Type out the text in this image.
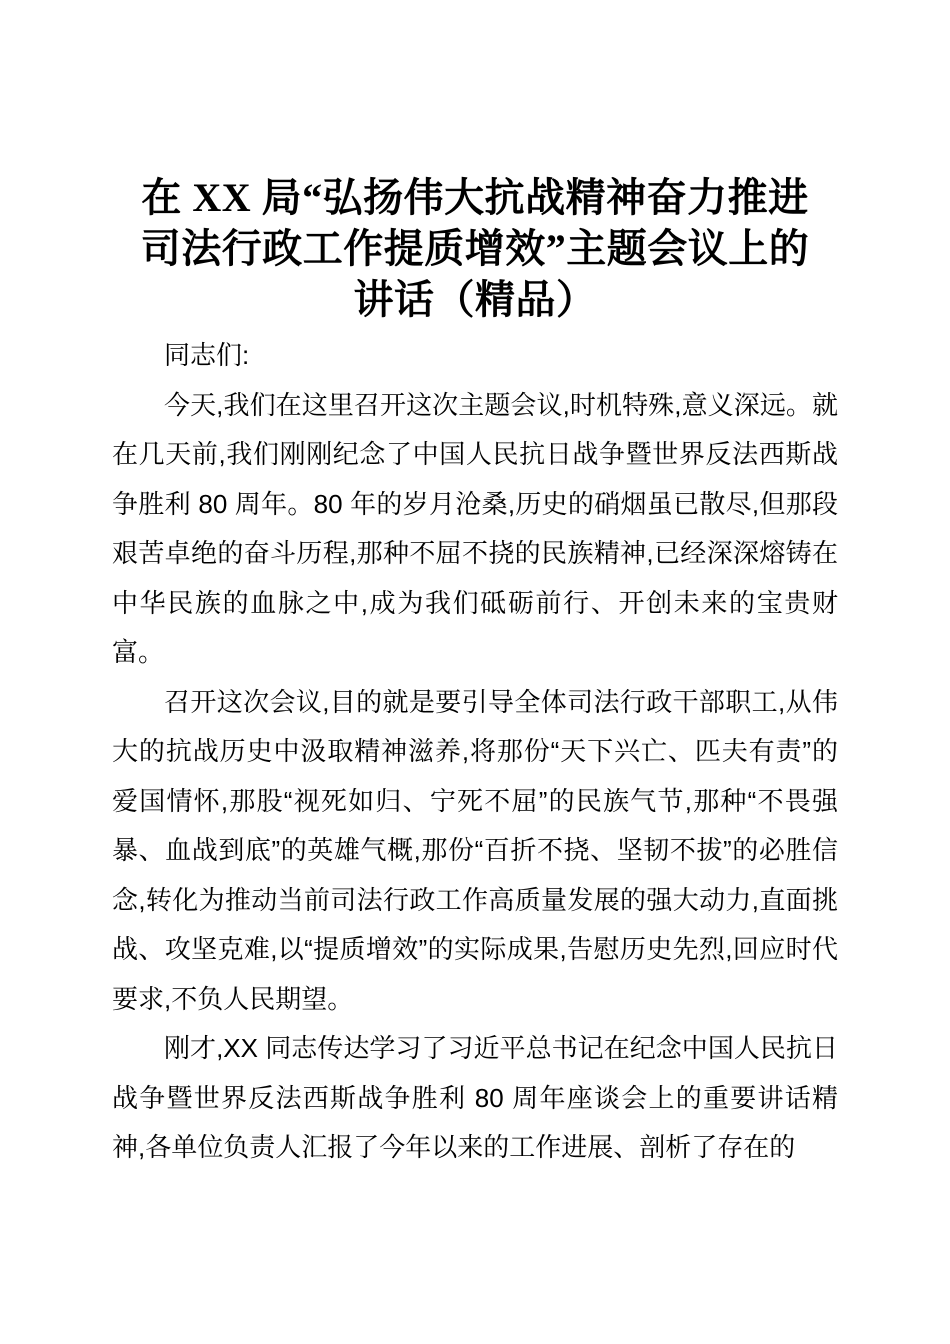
在 XX 局“弘扬伟大抗战精神奋力推进
司法行政工作提质增效”主题会议上的
讲话（精品）

同志们:

今天,我们在这里召开这次主题会议,时机特殊,意义深远。就在几天前,我们刚刚纪念了中国人民抗日战争暨世界反法西斯战争胜利 80 周年。80 年的岁月沧桑,历史的硝烟虽已散尽,但那段艰苦卓绝的奋斗历程,那种不屈不挠的民族精神,已经深深熔铸在中华民族的血脉之中,成为我们砥砺前行、开创未来的宝贵财富。

召开这次会议,目的就是要引导全体司法行政干部职工,从伟大的抗战历史中汲取精神滋养,将那份“天下兴亡、匹夫有责”的爱国情怀,那股“视死如归、宁死不屈”的民族气节,那种“不畏强暴、血战到底”的英雄气概,那份“百折不挠、坚韧不拔”的必胜信念,转化为推动当前司法行政工作高质量发展的强大动力,直面挑战、攻坚克难,以“提质增效”的实际成果,告慰历史先烈,回应时代要求,不负人民期望。

刚才,XX 同志传达学习了习近平总书记在纪念中国人民抗日战争暨世界反法西斯战争胜利 80 周年座谈会上的重要讲话精神,各单位负责人汇报了今年以来的工作进展、剖析了存在的
